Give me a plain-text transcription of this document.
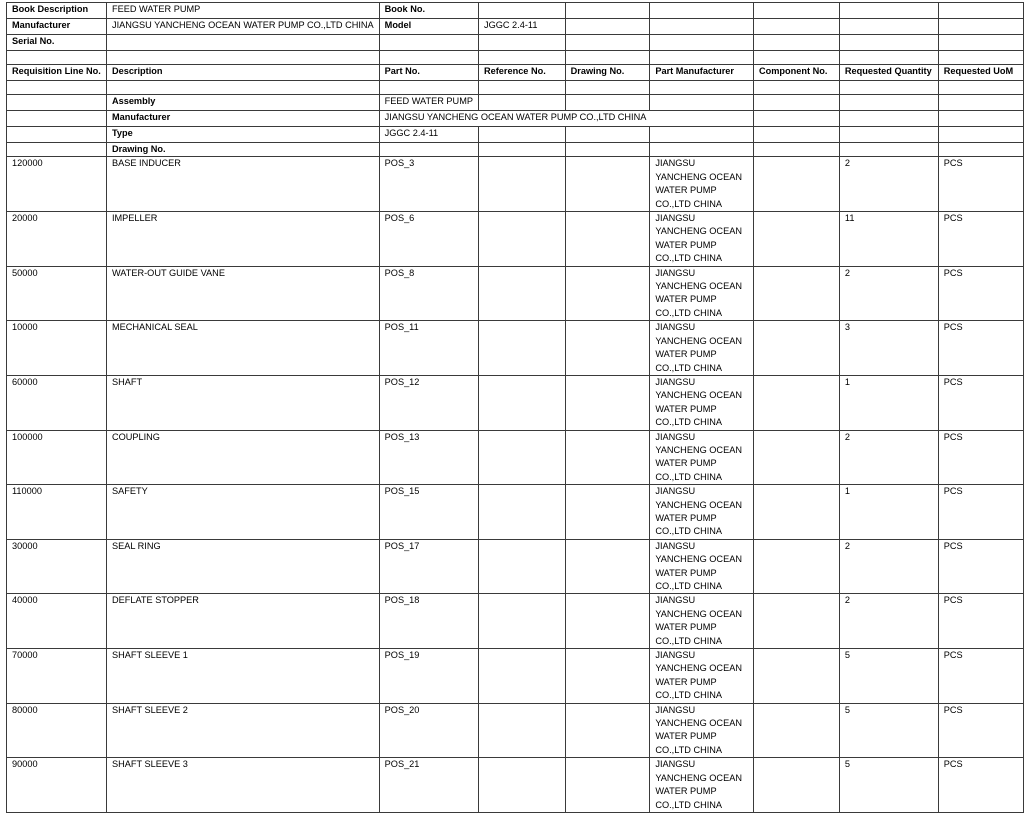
Book Description	FEED WATER PUMP	Book No.						
Manufacturer	JIANGSU YANCHENG OCEAN WATER PUMP CO.,LTD CHINA	Model	JGGC 2.4-11					
Serial No.								

Requisition Line No.	Description	Part No.	Reference No.	Drawing No.	Part Manufacturer	Component No.	Requested Quantity	Requested UoM

	Assembly	FEED WATER PUMP						
	Manufacturer	JIANGSU YANCHENG OCEAN WATER PUMP CO.,LTD CHINA						
	Type	JGGC 2.4-11						
	Drawing No.							
120000	BASE INDUCER	POS_3			JIANGSU YANCHENG OCEAN WATER PUMP CO.,LTD CHINA		2	PCS
20000	IMPELLER	POS_6			JIANGSU YANCHENG OCEAN WATER PUMP CO.,LTD CHINA		11	PCS
50000	WATER-OUT GUIDE VANE	POS_8			JIANGSU YANCHENG OCEAN WATER PUMP CO.,LTD CHINA		2	PCS
10000	MECHANICAL SEAL	POS_11			JIANGSU YANCHENG OCEAN WATER PUMP CO.,LTD CHINA		3	PCS
60000	SHAFT	POS_12			JIANGSU YANCHENG OCEAN WATER PUMP CO.,LTD CHINA		1	PCS
100000	COUPLING	POS_13			JIANGSU YANCHENG OCEAN WATER PUMP CO.,LTD CHINA		2	PCS
110000	SAFETY	POS_15			JIANGSU YANCHENG OCEAN WATER PUMP CO.,LTD CHINA		1	PCS
30000	SEAL RING	POS_17			JIANGSU YANCHENG OCEAN WATER PUMP CO.,LTD CHINA		2	PCS
40000	DEFLATE STOPPER	POS_18			JIANGSU YANCHENG OCEAN WATER PUMP CO.,LTD CHINA		2	PCS
70000	SHAFT SLEEVE 1	POS_19			JIANGSU YANCHENG OCEAN WATER PUMP CO.,LTD CHINA		5	PCS
80000	SHAFT SLEEVE 2	POS_20			JIANGSU YANCHENG OCEAN WATER PUMP CO.,LTD CHINA		5	PCS
90000	SHAFT SLEEVE 3	POS_21			JIANGSU YANCHENG OCEAN WATER PUMP CO.,LTD CHINA		5	PCS
